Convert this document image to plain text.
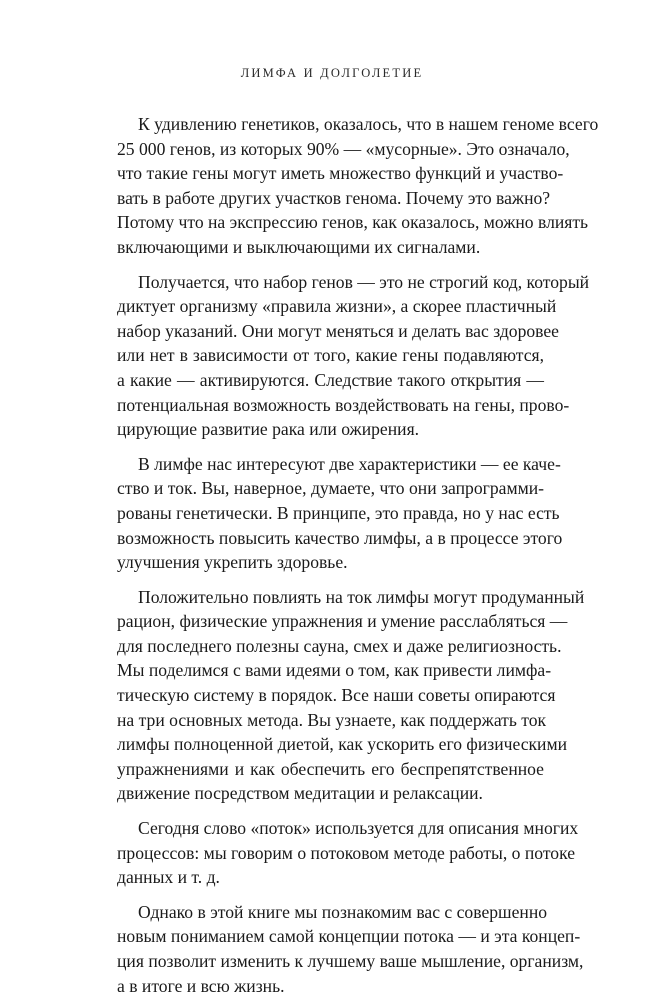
ЛИМФА И ДОЛГОЛЕТИЕ
К удивлению генетиков, оказалось, что в нашем геноме всего
25 000 генов, из которых 90% — «мусорные». Это означало,
что такие гены могут иметь множество функций и участво-
вать в работе других участков генома. Почему это важно?
Потому что на экспрессию генов, как оказалось, можно влиять
включающими и выключающими их сигналами.
Получается, что набор генов — это не строгий код, который
диктует организму «правила жизни», а скорее пластичный
набор указаний. Они могут меняться и делать вас здоровее
или нет в зависимости от того, какие гены подавляются,
а какие — активируются. Следствие такого открытия —
потенциальная возможность воздействовать на гены, прово-
цирующие развитие рака или ожирения.
В лимфе нас интересуют две характеристики — ее каче-
ство и ток. Вы, наверное, думаете, что они запрограмми-
рованы генетически. В принципе, это правда, но у нас есть
возможность повысить качество лимфы, а в процессе этого
улучшения укрепить здоровье.
Положительно повлиять на ток лимфы могут продуманный
рацион, физические упражнения и умение расслабляться —
для последнего полезны сауна, смех и даже религиозность.
Мы поделимся с вами идеями о том, как привести лимфа-
тическую систему в порядок. Все наши советы опираются
на три основных метода. Вы узнаете, как поддержать ток
лимфы полноценной диетой, как ускорить его физическими
упражнениями и как обеспечить его беспрепятственное
движение посредством медитации и релаксации.
Сегодня слово «поток» используется для описания многих
процессов: мы говорим о потоковом методе работы, о потоке
данных и т. д.
Однако в этой книге мы познакомим вас с совершенно
новым пониманием самой концепции потока — и эта концеп-
ция позволит изменить к лучшему ваше мышление, организм,
а в итоге и всю жизнь.
